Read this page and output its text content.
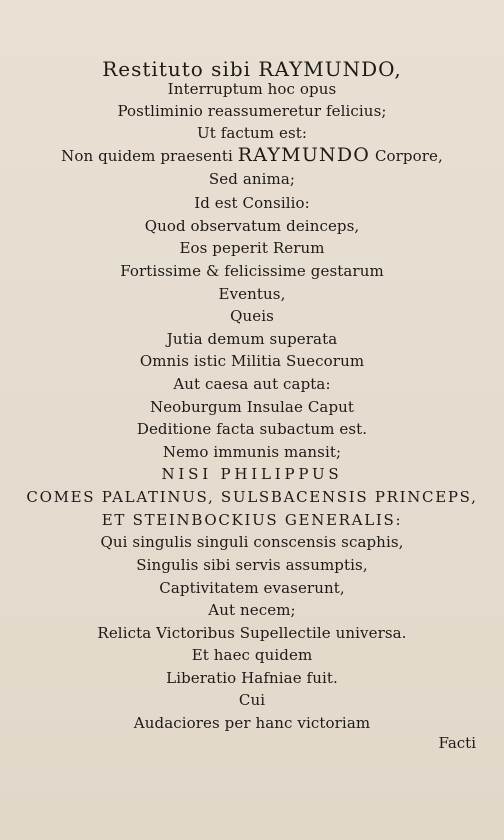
Restituto sibi RAYMUNDO,
Interruptum hoc opus
Postliminio reassumeretur felicius;
Ut factum est:
Non quidem praesenti RAYMUNDO Corpore,
Sed anima;
Id est Consilio:
Quod observatum deinceps,
Eos peperit Rerum
Fortissime & felicissime gestarum
Eventus,
Queis
Jutia demum superata
Omnis istic Militia Suecorum
Aut caesa aut capta:
Neoburgum Insulae Caput
Deditione facta subactum est.
Nemo immunis mansit;
NISI PHILIPPUS
COMES PALATINUS, SULSBACENSIS PRINCEPS,
ET STEINBOCKIUS GENERALIS:
Qui singulis singuli conscensis scaphis,
Singulis sibi servis assumptis,
Captivitatem evaserunt,
Aut necem;
Relicta Victoribus Supellectile universa.
Et haec quidem
Liberatio Hafniae fuit.
Cui
Audaciores per hanc victoriam
Facti
